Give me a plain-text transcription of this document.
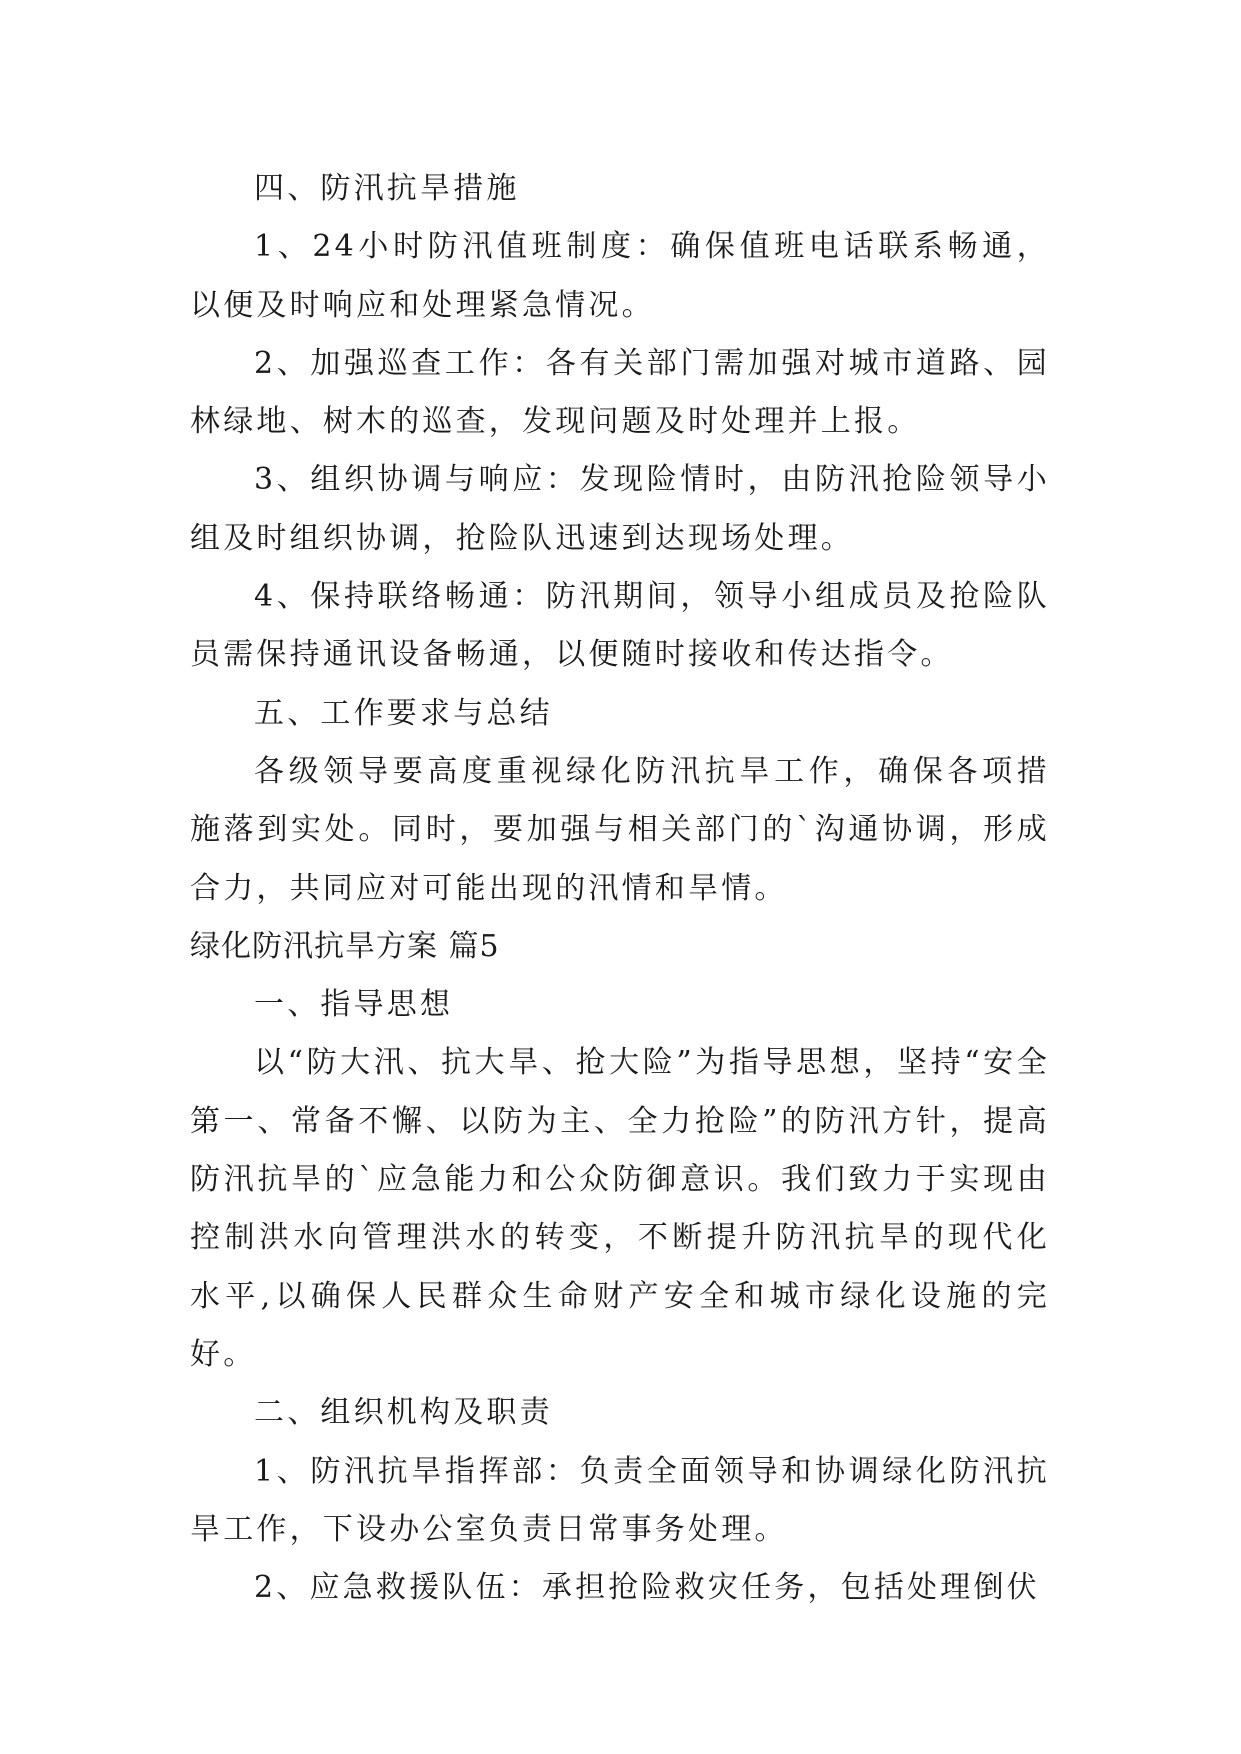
四、防汛抗旱措施

1、24小时防汛值班制度：确保值班电话联系畅通，以便及时响应和处理紧急情况。

2、加强巡查工作：各有关部门需加强对城市道路、园林绿地、树木的巡查，发现问题及时处理并上报。

3、组织协调与响应：发现险情时，由防汛抢险领导小组及时组织协调，抢险队迅速到达现场处理。

4、保持联络畅通：防汛期间，领导小组成员及抢险队员需保持通讯设备畅通，以便随时接收和传达指令。

五、工作要求与总结

各级领导要高度重视绿化防汛抗旱工作，确保各项措施落到实处。同时，要加强与相关部门的`沟通协调，形成合力，共同应对可能出现的汛情和旱情。

绿化防汛抗旱方案 篇5

一、指导思想

以“防大汛、抗大旱、抢大险”为指导思想，坚持“安全第一、常备不懈、以防为主、全力抢险”的防汛方针，提高防汛抗旱的`应急能力和公众防御意识。我们致力于实现由控制洪水向管理洪水的转变，不断提升防汛抗旱的现代化水平,以确保人民群众生命财产安全和城市绿化设施的完好。

二、组织机构及职责

1、防汛抗旱指挥部：负责全面领导和协调绿化防汛抗旱工作，下设办公室负责日常事务处理。

2、应急救援队伍：承担抢险救灾任务，包括处理倒伏
